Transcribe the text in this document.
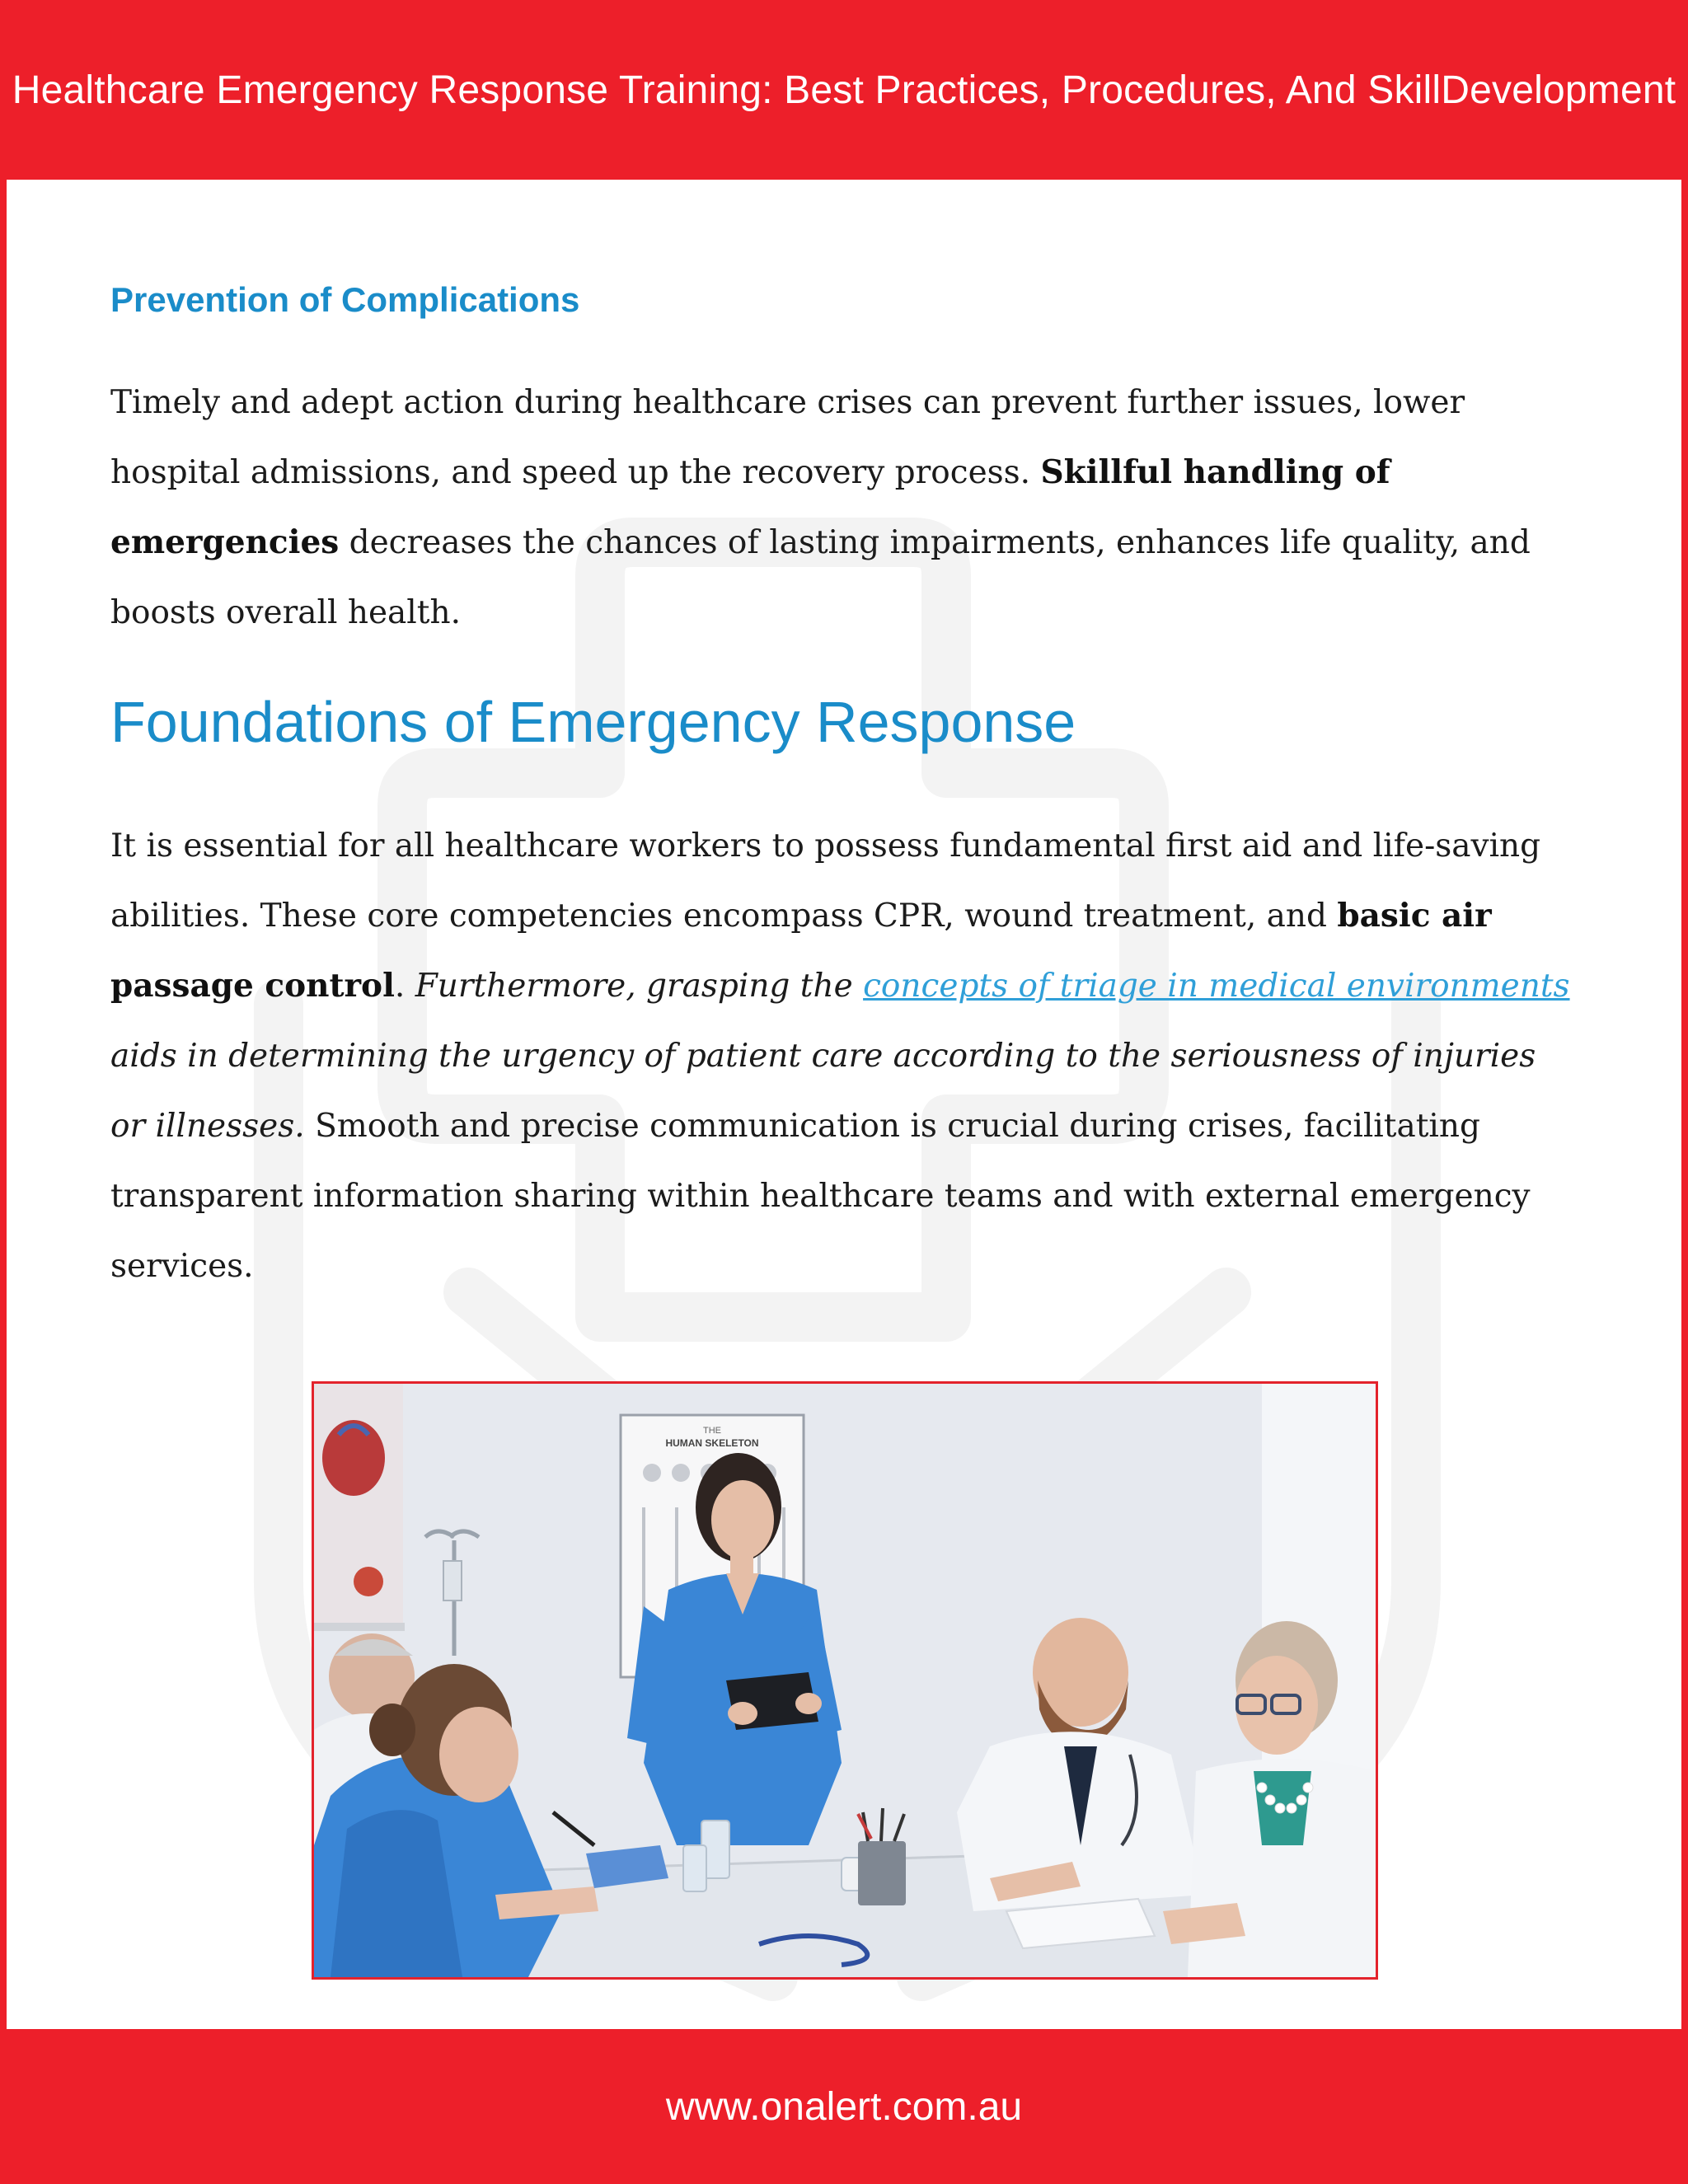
Healthcare Emergency Response Training: Best Practices, Procedures, And SkillDevelopment
Prevention of Complications

Timely and adept action during healthcare crises can prevent further issues, lower hospital admissions, and speed up the recovery process. Skillful handling of emergencies decreases the chances of lasting impairments, enhances life quality, and boosts overall health.

Foundations of Emergency Response

It is essential for all healthcare workers to possess fundamental first aid and life-saving abilities. These core competencies encompass CPR, wound treatment, and basic air passage control. Furthermore, grasping the concepts of triage in medical environments aids in determining the urgency of patient care according to the seriousness of injuries or illnesses. Smooth and precise communication is crucial during crises, facilitating transparent information sharing within healthcare teams and with external emergency services.

THE
HUMAN SKELETON
www.onalert.com.au
